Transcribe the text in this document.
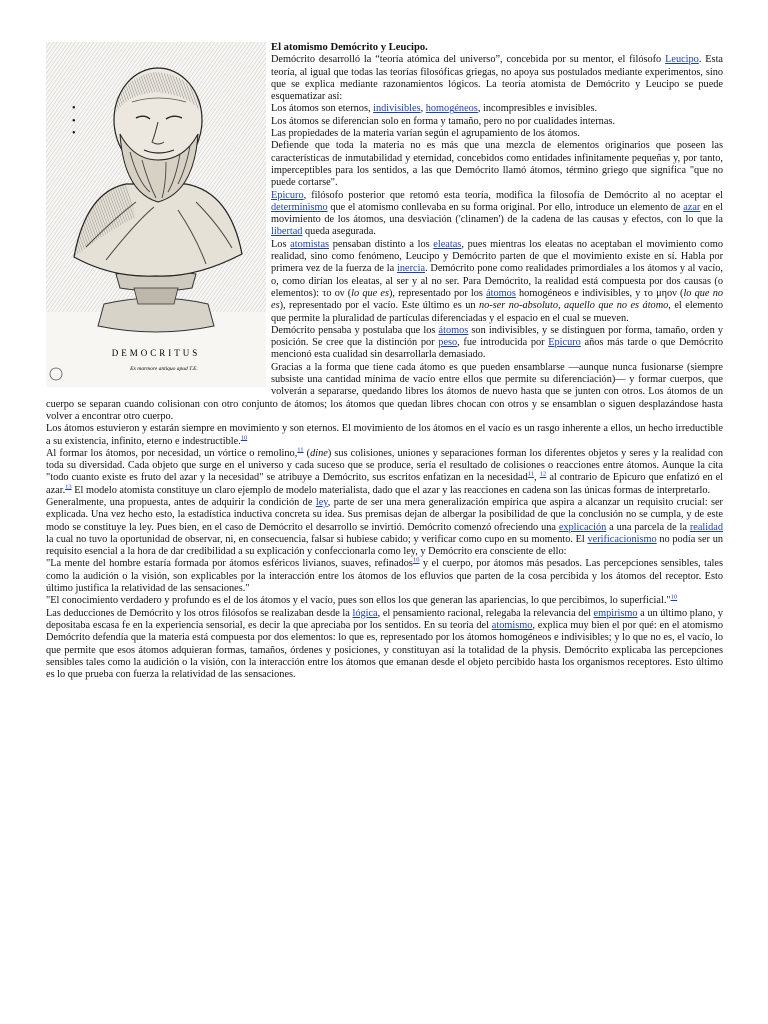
DEMOCRITUS
Ex marmore antiquo apud T.E.

El atomismo Demócrito y Leucipo.

Demócrito desarrolló la “teoría atómica del universo”, concebida por su mentor, el filósofo Leucipo. Esta teoría, al igual que todas las teorías filosóficas griegas, no apoya sus postulados mediante experimentos, sino que se explica mediante razonamientos lógicos. La teoría atomista de Demócrito y Leucipo se puede esquematizar así:

• Los átomos son eternos, indivisibles, homogéneos, incompresibles e invisibles.
• Los átomos se diferencian solo en forma y tamaño, pero no por cualidades internas.
• Las propiedades de la materia varían según el agrupamiento de los átomos.

Defiende que toda la materia no es más que una mezcla de elementos originarios que poseen las características de inmutabilidad y eternidad, concebidos como entidades infinitamente pequeñas y, por tanto, imperceptibles para los sentidos, a las que Demócrito llamó átomos, término griego que significa "que no puede cortarse".

Epicuro, filósofo posterior que retomó esta teoría, modifica la filosofía de Demócrito al no aceptar el determinismo que el atomismo conllevaba en su forma original. Por ello, introduce un elemento de azar en el movimiento de los átomos, una desviación ('clinamen') de la cadena de las causas y efectos, con lo que la libertad queda asegurada.

Los atomistas pensaban distinto a los eleatas, pues mientras los eleatas no aceptaban el movimiento como realidad, sino como fenómeno, Leucipo y Demócrito parten de que el movimiento existe en sí. Habla por primera vez de la fuerza de la inercia. Demócrito pone como realidades primordiales a los átomos y al vacío, o, como dirían los eleatas, al ser y al no ser. Para Demócrito, la realidad está compuesta por dos causas (o elementos): το ον (lo que es), representado por los átomos homogéneos e indivisibles, y το μηον (lo que no es), representado por el vacío. Este último es un no-ser no-absoluto, aquello que no es átomo, el elemento que permite la pluralidad de partículas diferenciadas y el espacio en el cual se mueven.

Demócrito pensaba y postulaba que los átomos son indivisibles, y se distinguen por forma, tamaño, orden y posición. Se cree que la distinción por peso, fue introducida por Epicuro años más tarde o que Demócrito mencionó esta cualidad sin desarrollarla demasiado.

Gracias a la forma que tiene cada átomo es que pueden ensamblarse —aunque nunca fusionarse (siempre subsiste una cantidad mínima de vacío entre ellos que permite su diferenciación)— y formar cuerpos, que volverán a separarse, quedando libres los átomos de nuevo hasta que se junten con otros. Los átomos de un cuerpo se separan cuando colisionan con otro conjunto de átomos; los átomos que quedan libres chocan con otros y se ensamblan o siguen desplazándose hasta volver a encontrar otro cuerpo.

Los átomos estuvieron y estarán siempre en movimiento y son eternos. El movimiento de los átomos en el vacío es un rasgo inherente a ellos, un hecho irreductible a su existencia, infinito, eterno e indestructible.$^{10}$

Al formar los átomos, por necesidad, un vórtice o remolino,$^{11}$ (dine) sus colisiones, uniones y separaciones forman los diferentes objetos y seres y la realidad con toda su diversidad. Cada objeto que surge en el universo y cada suceso que se produce, sería el resultado de colisiones o reacciones entre átomos. Aunque la cita "todo cuanto existe es fruto del azar y la necesidad" se atribuye a Demócrito, sus escritos enfatizan en la necesidad$^{11}$, $^{12}$ al contrario de Epicuro que enfatizó en el azar.$^{13}$ El modelo atomista constituye un claro ejemplo de modelo materialista, dado que el azar y las reacciones en cadena son las únicas formas de interpretarlo.

Generalmente, una propuesta, antes de adquirir la condición de ley, parte de ser una mera generalización empírica que aspira a alcanzar un requisito crucial: ser explicada. Una vez hecho esto, la estadística inductiva concreta su idea. Sus premisas dejan de albergar la posibilidad de que la conclusión no se cumpla, y de este modo se constituye la ley. Pues bien, en el caso de Demócrito el desarrollo se invirtió. Demócrito comenzó ofreciendo una explicación a una parcela de la realidad la cual no tuvo la oportunidad de observar, ni, en consecuencia, falsar si hubiese cabido; y verificar como cupo en su momento. El verificacionismo no podía ser un requisito esencial a la hora de dar credibilidad a su explicación y confeccionarla como ley, y Demócrito era consciente de ello:

"La mente del hombre estaría formada por átomos esféricos livianos, suaves, refinados$^{10}$ y el cuerpo, por átomos más pesados. Las percepciones sensibles, tales como la audición o la visión, son explicables por la interacción entre los átomos de los efluvios que parten de la cosa percibida y los átomos del receptor. Esto último justifica la relatividad de las sensaciones."

"El conocimiento verdadero y profundo es el de los átomos y el vacío, pues son ellos los que generan las apariencias, lo que percibimos, lo superficial."$^{10}$

Las deducciones de Demócrito y los otros filósofos se realizaban desde la lógica, el pensamiento racional, relegaba la relevancia del empirismo a un último plano, y depositaba escasa fe en la experiencia sensorial, es decir la que apreciaba por los sentidos. En su teoría del atomismo, explica muy bien el por qué: en el atomismo Demócrito defendía que la materia está compuesta por dos elementos: lo que es, representado por los átomos homogéneos e indivisibles; y lo que no es, el vacío, lo que permite que esos átomos adquieran formas, tamaños, órdenes y posiciones, y constituyan así la totalidad de la physis. Demócrito explicaba las percepciones sensibles tales como la audición o la visión, con la interacción entre los átomos que emanan desde el objeto percibido hasta los organismos receptores. Esto último es lo que prueba con fuerza la relatividad de las sensaciones.
